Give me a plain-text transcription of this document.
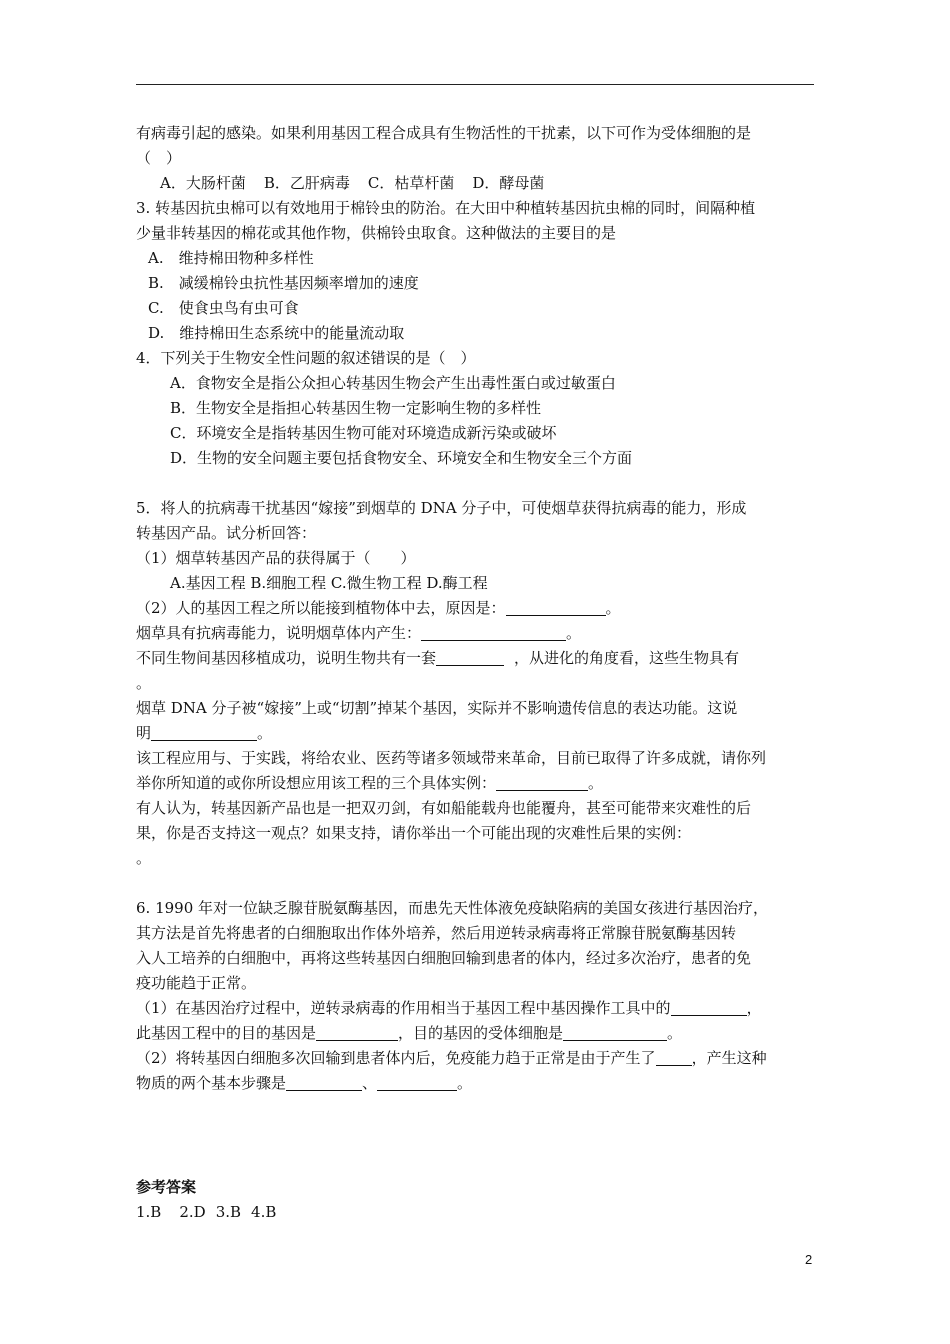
有病毒引起的感染。如果利用基因工程合成具有生物活性的干扰素，以下可作为受体细胞的是
（　）
A．大肠杆菌 B．乙肝病毒 C．枯草杆菌 D．酵母菌
3. 转基因抗虫棉可以有效地用于棉铃虫的防治。在大田中种植转基因抗虫棉的同时，间隔种植
少量非转基因的棉花或其他作物，供棉铃虫取食。这种做法的主要目的是
A.　维持棉田物种多样性
B.　减缓棉铃虫抗性基因频率增加的速度
C.　使食虫鸟有虫可食
D.　维持棉田生态系统中的能量流动取
4．下列关于生物安全性问题的叙述错误的是（　）
A．食物安全是指公众担心转基因生物会产生出毒性蛋白或过敏蛋白
B．生物安全是指担心转基因生物一定影响生物的多样性
C．环境安全是指转基因生物可能对环境造成新污染或破坏
D．生物的安全问题主要包括食物安全、环境安全和生物安全三个方面
5．将人的抗病毒干扰基因“嫁接”到烟草的 DNA 分子中，可使烟草获得抗病毒的能力，形成
转基因产品。试分析回答：
（1）烟草转基因产品的获得属于（　　）
A.基因工程 B.细胞工程 C.微生物工程 D.酶工程
（2）人的基因工程之所以能接到植物体中去，原因是：	。
烟草具有抗病毒能力，说明烟草体内产生：	。
不同生物间基因移植成功，说明生物共有一套	，从进化的角度看，这些生物具有
。
烟草 DNA 分子被“嫁接”上或“切割”掉某个基因，实际并不影响遗传信息的表达功能。这说
明	。
该工程应用与、于实践，将给农业、医药等诸多领域带来革命，目前已取得了许多成就，请你列
举你所知道的或你所设想应用该工程的三个具体实例：	。
有人认为，转基因新产品也是一把双刃剑，有如船能载舟也能覆舟，甚至可能带来灾难性的后
果，你是否支持这一观点？如果支持，请你举出一个可能出现的灾难性后果的实例：
。
6. 1990 年对一位缺乏腺苷脱氨酶基因，而患先天性体液免疫缺陷病的美国女孩进行基因治疗，
其方法是首先将患者的白细胞取出作体外培养，然后用逆转录病毒将正常腺苷脱氨酶基因转
入人工培养的白细胞中，再将这些转基因白细胞回输到患者的体内，经过多次治疗，患者的免
疫功能趋于正常。
（1）在基因治疗过程中，逆转录病毒的作用相当于基因工程中基因操作工具中的	，
此基因工程中的目的基因是	，目的基因的受体细胞是	。
（2）将转基因白细胞多次回输到患者体内后，免疫能力趋于正常是由于产生了 ，产生这种
物质的两个基本步骤是	、	。
参考答案
1.B 2.D 3.B 4.B
2
